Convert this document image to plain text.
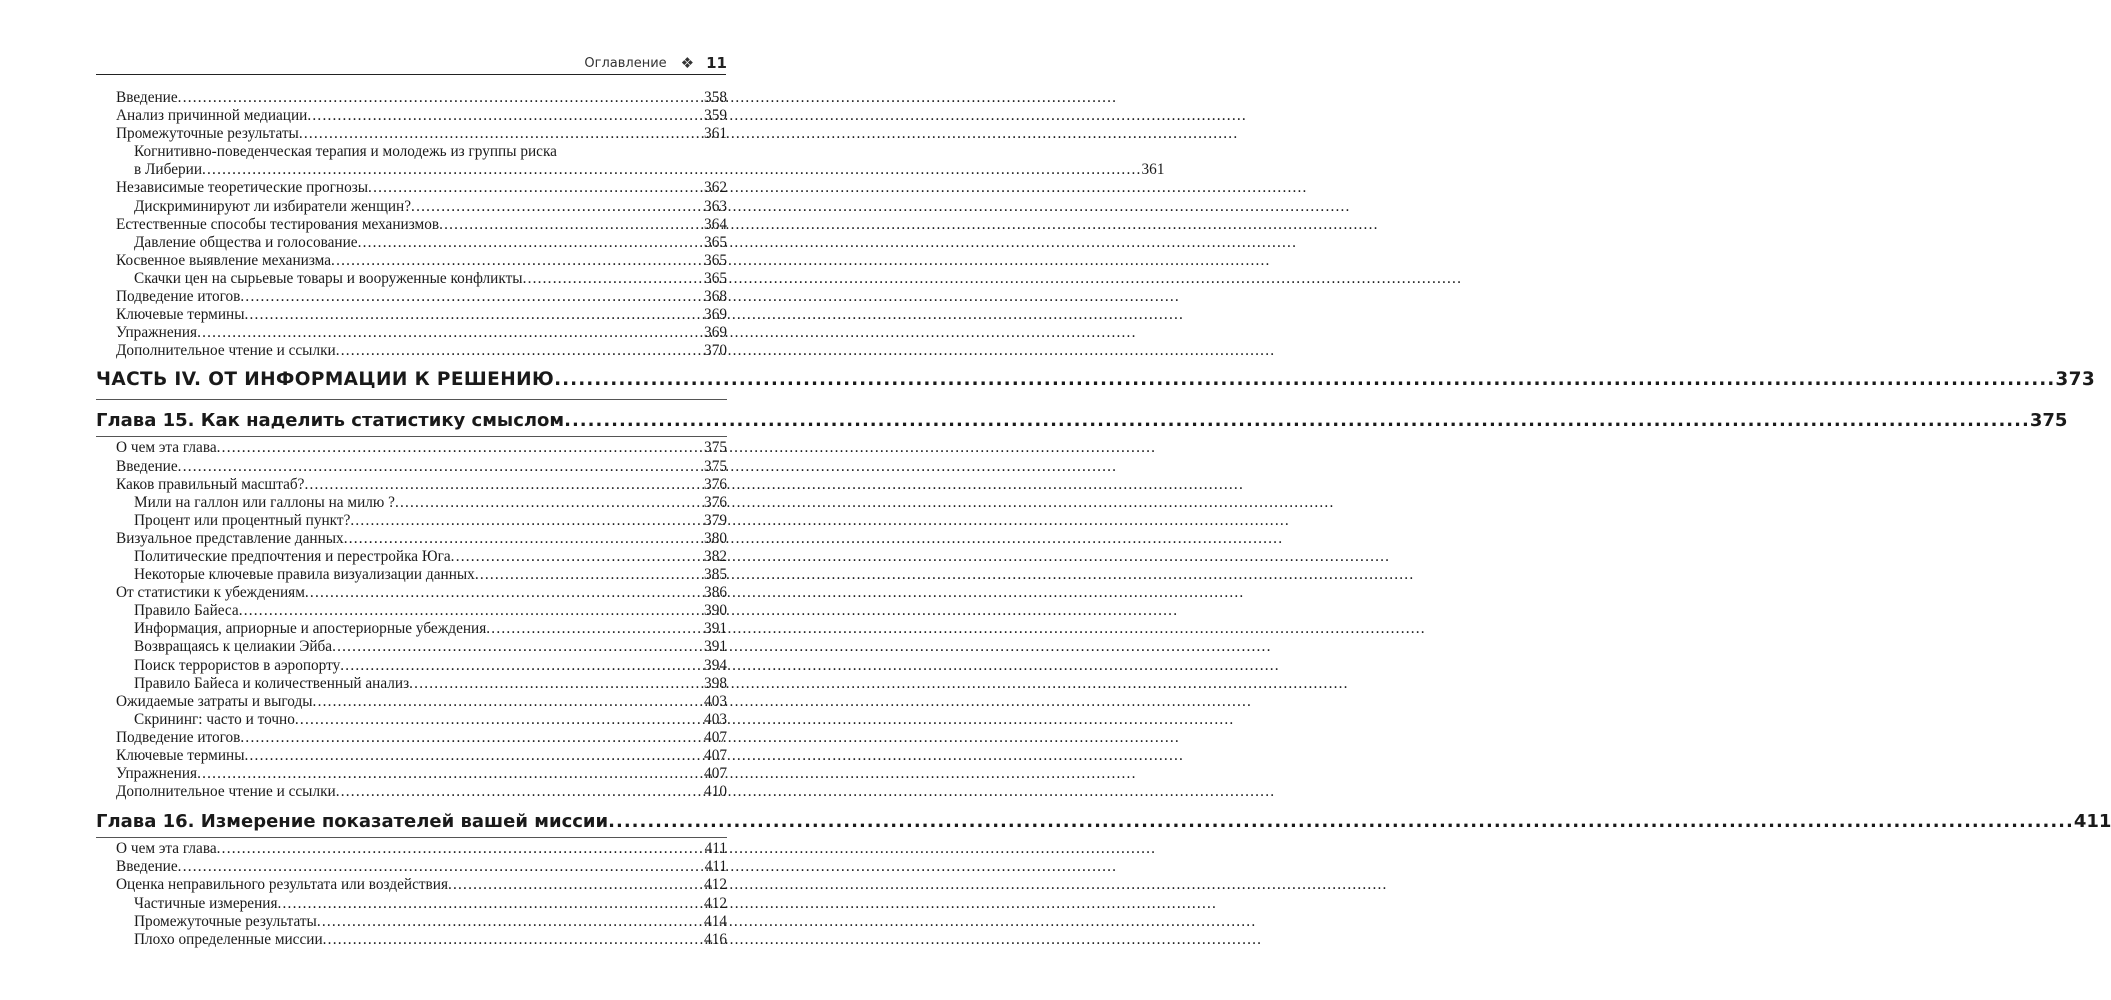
Оглавление ❖ 11
Введение .....	358
Анализ причинной медиации .....	359
Промежуточные результаты .....	361
Когнитивно-поведенческая терапия и молодежь из группы риска
в Либерии .....	361
Независимые теоретические прогнозы .....	362
Дискриминируют ли избиратели женщин? .....	363
Естественные способы тестирования механизмов .....	364
Давление общества и голосование .....	365
Косвенное выявление механизма .....	365
Скачки цен на сырьевые товары и вооруженные конфликты .....	365
Подведение итогов .....	368
Ключевые термины .....	369
Упражнения .....	369
Дополнительное чтение и ссылки .....	370
ЧАСТЬ IV. ОТ ИНФОРМАЦИИ К РЕШЕНИЮ .....	373
Глава 15. Как наделить статистику смыслом .....	375
О чем эта глава .....	375
Введение .....	375
Каков правильный масштаб? .....	376
Мили на галлон или галлоны на милю ? .....	376
Процент или процентный пункт? .....	379
Визуальное представление данных .....	380
Политические предпочтения и перестройка Юга .....	382
Некоторые ключевые правила визуализации данных .....	385
От статистики к убеждениям .....	386
Правило Байеса .....	390
Информация, априорные и апостериорные убеждения .....	391
Возвращаясь к целиакии Эйба .....	391
Поиск террористов в аэропорту .....	394
Правило Байеса и количественный анализ .....	398
Ожидаемые затраты и выгоды .....	403
Скрининг: часто и точно .....	403
Подведение итогов .....	407
Ключевые термины .....	407
Упражнения .....	407
Дополнительное чтение и ссылки .....	410
Глава 16. Измерение показателей вашей миссии .....	411
О чем эта глава .....	411
Введение .....	411
Оценка неправильного результата или воздействия .....	412
Частичные измерения .....	412
Промежуточные результаты .....	414
Плохо определенные миссии .....	416
